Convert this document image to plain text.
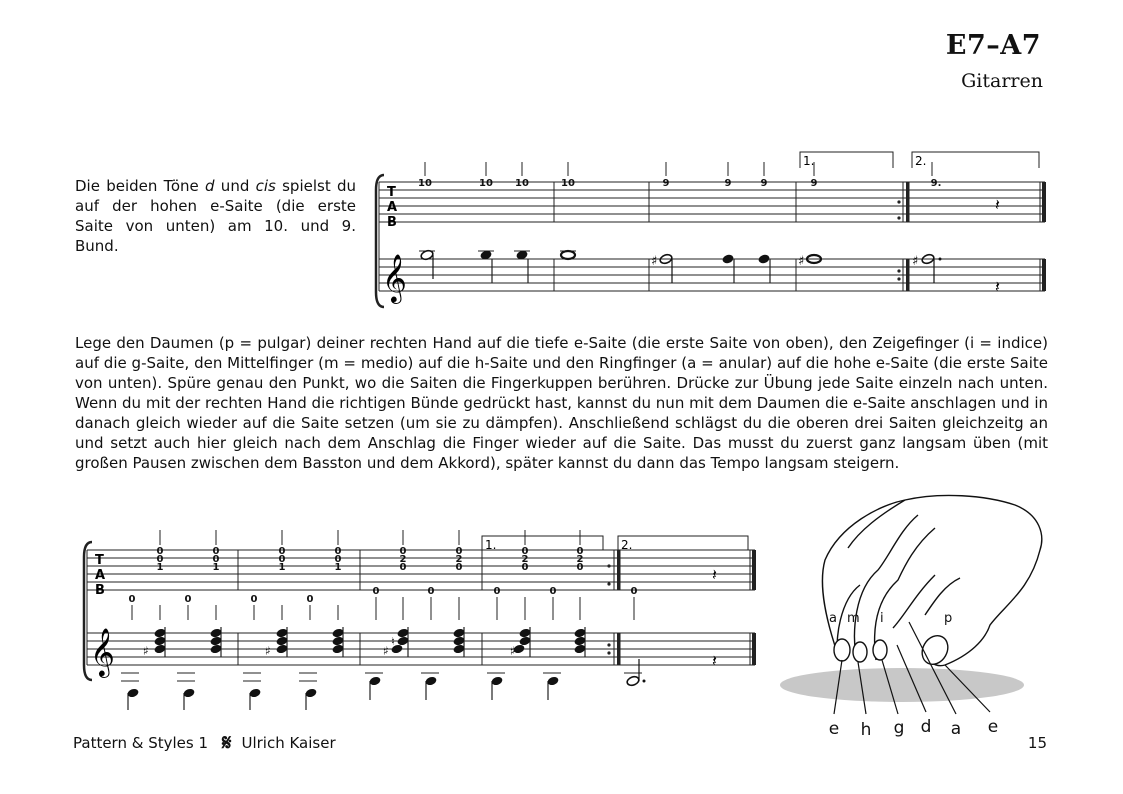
E7–A7
Gitarren
Die beiden Töne d und cis spielst du auf der hohen e-Saite (die erste Saite von unten) am 10. und 9. Bund.
Lege den Daumen (p = pulgar) deiner rechten Hand auf die tiefe e-Saite (die erste Saite von oben), den Zeigefinger (i = indice) auf die g-Saite, den Mittelfinger (m = medio) auf die h-Saite und den Ringfinger (a = anular) auf die hohe e-Saite (die erste Saite von unten). Spüre genau den Punkt, wo die Saiten die Fingerkuppen berühren. Drücke zur Übung jede Saite einzeln nach unten. Wenn du mit der rechten Hand die richtigen Bünde gedrückt hast, kannst du nun mit dem Daumen die e-Saite anschlagen und in danach gleich wieder auf die Saite setzen (um sie zu dämpfen). Anschließend schlägst du die oberen drei Saiten gleichzeitg an und setzt auch hier gleich nach dem Anschlag die Finger wieder auf die Saite. Das musst du zuerst ganz langsam üben (mit großen Pausen zwischen dem Basston und dem Akkord), später kannst du dann das Tempo langsam steigern.
T
A
B
𝄞
10	10 10	10	9	9	9	9	9.
1.	2.
𝄽
𝄽
♯	♯	♯
T
A
B
𝄞
1.	2.
0
0
1
0
0
1
0
0
1
0
0
1
0
2
0
0
2
0
0
2
0
0
2
0
0	0	0	0
0	0	0	0	0
𝄽
𝄽
♯	♯	♯
♮
♯
a m i	p
e h g d a e
Pattern & Styles 1 𝄋 Ulrich Kaiser	15
